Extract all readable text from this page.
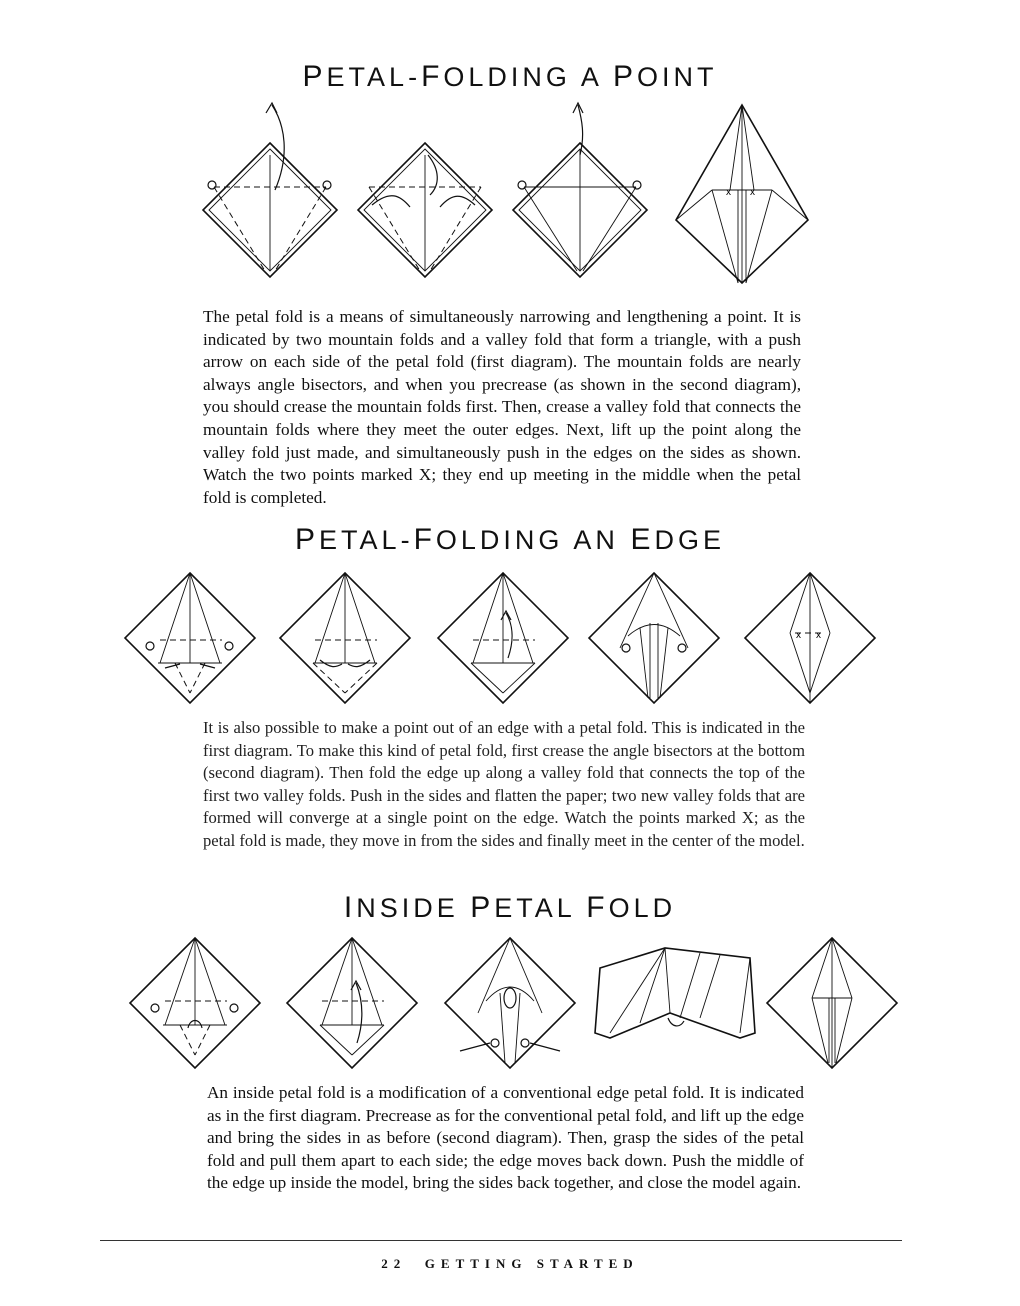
PETAL-FOLDING A POINT
x x

The petal fold is a means of simultaneously narrowing and lengthening a point. It is indicated by two mountain folds and a valley fold that form a triangle, with a push arrow on each side of the petal fold (first diagram). The mountain folds are nearly always angle bisectors, and when you precrease (as shown in the second diagram), you should crease the mountain folds first. Then, crease a valley fold that connects the mountain folds where they meet the outer edges. Next, lift up the point along the valley fold just made, and simultaneously push in the edges on the sides as shown. Watch the two points marked X; they end up meeting in the middle when the petal fold is completed.

PETAL-FOLDING AN EDGE
x x

It is also possible to make a point out of an edge with a petal fold. This is indicated in the first diagram. To make this kind of petal fold, first crease the angle bisectors at the bottom (second diagram). Then fold the edge up along a valley fold that connects the top of the first two valley folds. Push in the sides and flatten the paper; two new valley folds that are formed will converge at a single point on the edge. Watch the points marked X; as the petal fold is made, they move in from the sides and finally meet in the center of the model.

INSIDE PETAL FOLD

An inside petal fold is a modification of a conventional edge petal fold. It is indicated as in the first diagram. Precrease as for the conventional petal fold, and lift up the edge and bring the sides in as before (second diagram). Then, grasp the sides of the petal fold and pull them apart to each side; the edge moves back down. Push the middle of the edge up inside the model, bring the sides back together, and close the model again.

22 GETTING STARTED
